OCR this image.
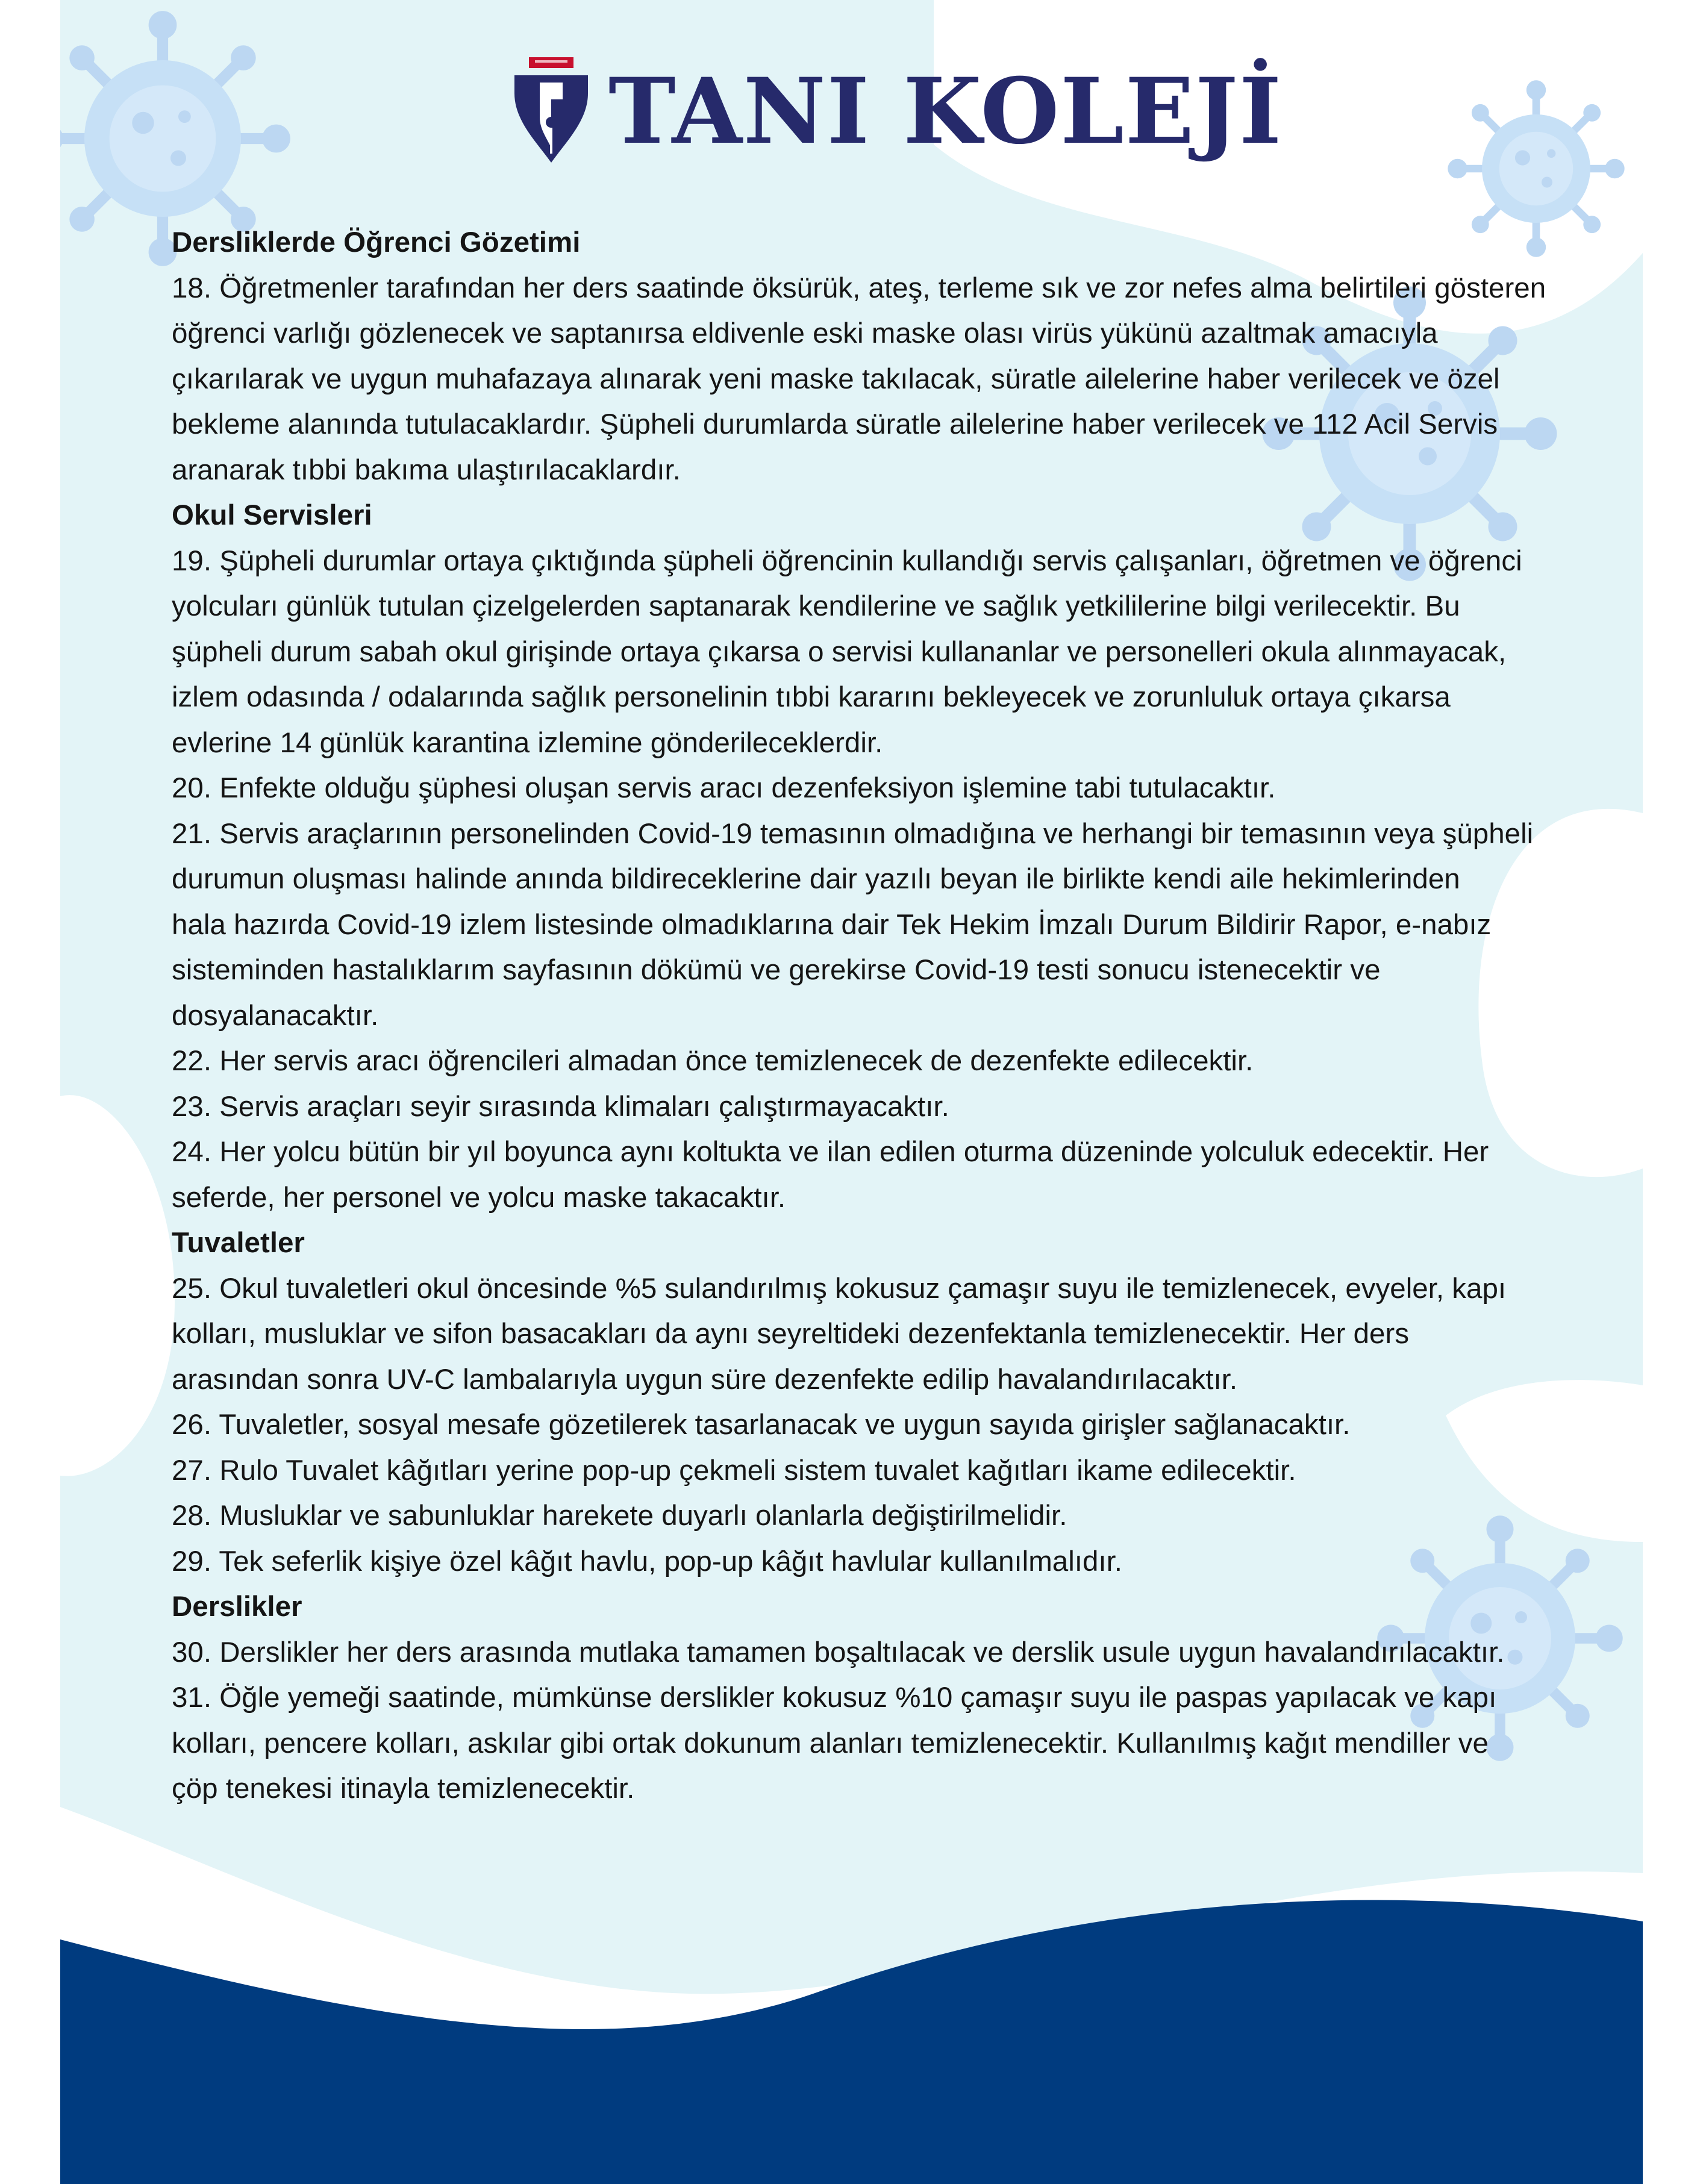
TANI KOLEJİ
Dersliklerde Öğrenci Gözetimi
18. Öğretmenler tarafından her ders saatinde öksürük, ateş, terleme sık ve zor nefes alma belirtileri gösteren
öğrenci varlığı gözlenecek ve saptanırsa eldivenle eski maske olası virüs yükünü azaltmak amacıyla
çıkarılarak ve uygun muhafazaya alınarak yeni maske takılacak, süratle ailelerine haber verilecek ve özel
bekleme alanında tutulacaklardır. Şüpheli durumlarda süratle ailelerine haber verilecek ve 112 Acil Servis
aranarak tıbbi bakıma ulaştırılacaklardır.
Okul Servisleri
19. Şüpheli durumlar ortaya çıktığında şüpheli öğrencinin kullandığı servis çalışanları, öğretmen ve öğrenci
yolcuları günlük tutulan çizelgelerden saptanarak kendilerine ve sağlık yetkililerine bilgi verilecektir. Bu
şüpheli durum sabah okul girişinde ortaya çıkarsa o servisi kullananlar ve personelleri okula alınmayacak,
izlem odasında / odalarında sağlık personelinin tıbbi kararını bekleyecek ve zorunluluk ortaya çıkarsa
evlerine 14 günlük karantina izlemine gönderileceklerdir.
20. Enfekte olduğu şüphesi oluşan servis aracı dezenfeksiyon işlemine tabi tutulacaktır.
21. Servis araçlarının personelinden Covid-19 temasının olmadığına ve herhangi bir temasının veya şüpheli
durumun oluşması halinde anında bildireceklerine dair yazılı beyan ile birlikte kendi aile hekimlerinden
hala hazırda Covid-19 izlem listesinde olmadıklarına dair Tek Hekim İmzalı Durum Bildirir Rapor, e-nabız
sisteminden hastalıklarım sayfasının dökümü ve gerekirse Covid-19 testi sonucu istenecektir ve
dosyalanacaktır.
22. Her servis aracı öğrencileri almadan önce temizlenecek de dezenfekte edilecektir.
23. Servis araçları seyir sırasında klimaları çalıştırmayacaktır.
24. Her yolcu bütün bir yıl boyunca aynı koltukta ve ilan edilen oturma düzeninde yolculuk edecektir. Her
seferde, her personel ve yolcu maske takacaktır.
Tuvaletler
25. Okul tuvaletleri okul öncesinde %5 sulandırılmış kokusuz çamaşır suyu ile temizlenecek, evyeler, kapı
kolları, musluklar ve sifon basacakları da aynı seyreltideki dezenfektanla temizlenecektir. Her ders
arasından sonra UV-C lambalarıyla uygun süre dezenfekte edilip havalandırılacaktır.
26. Tuvaletler, sosyal mesafe gözetilerek tasarlanacak ve uygun sayıda girişler sağlanacaktır.
27. Rulo Tuvalet kâğıtları yerine pop-up çekmeli sistem tuvalet kağıtları ikame edilecektir.
28. Musluklar ve sabunluklar harekete duyarlı olanlarla değiştirilmelidir.
29. Tek seferlik kişiye özel kâğıt havlu, pop-up kâğıt havlular kullanılmalıdır.
Derslikler
30. Derslikler her ders arasında mutlaka tamamen boşaltılacak ve derslik usule uygun havalandırılacaktır.
31. Öğle yemeği saatinde, mümkünse derslikler kokusuz %10 çamaşır suyu ile paspas yapılacak ve kapı
kolları, pencere kolları, askılar gibi ortak dokunum alanları temizlenecektir. Kullanılmış kağıt mendiller ve
çöp tenekesi itinayla temizlenecektir.
